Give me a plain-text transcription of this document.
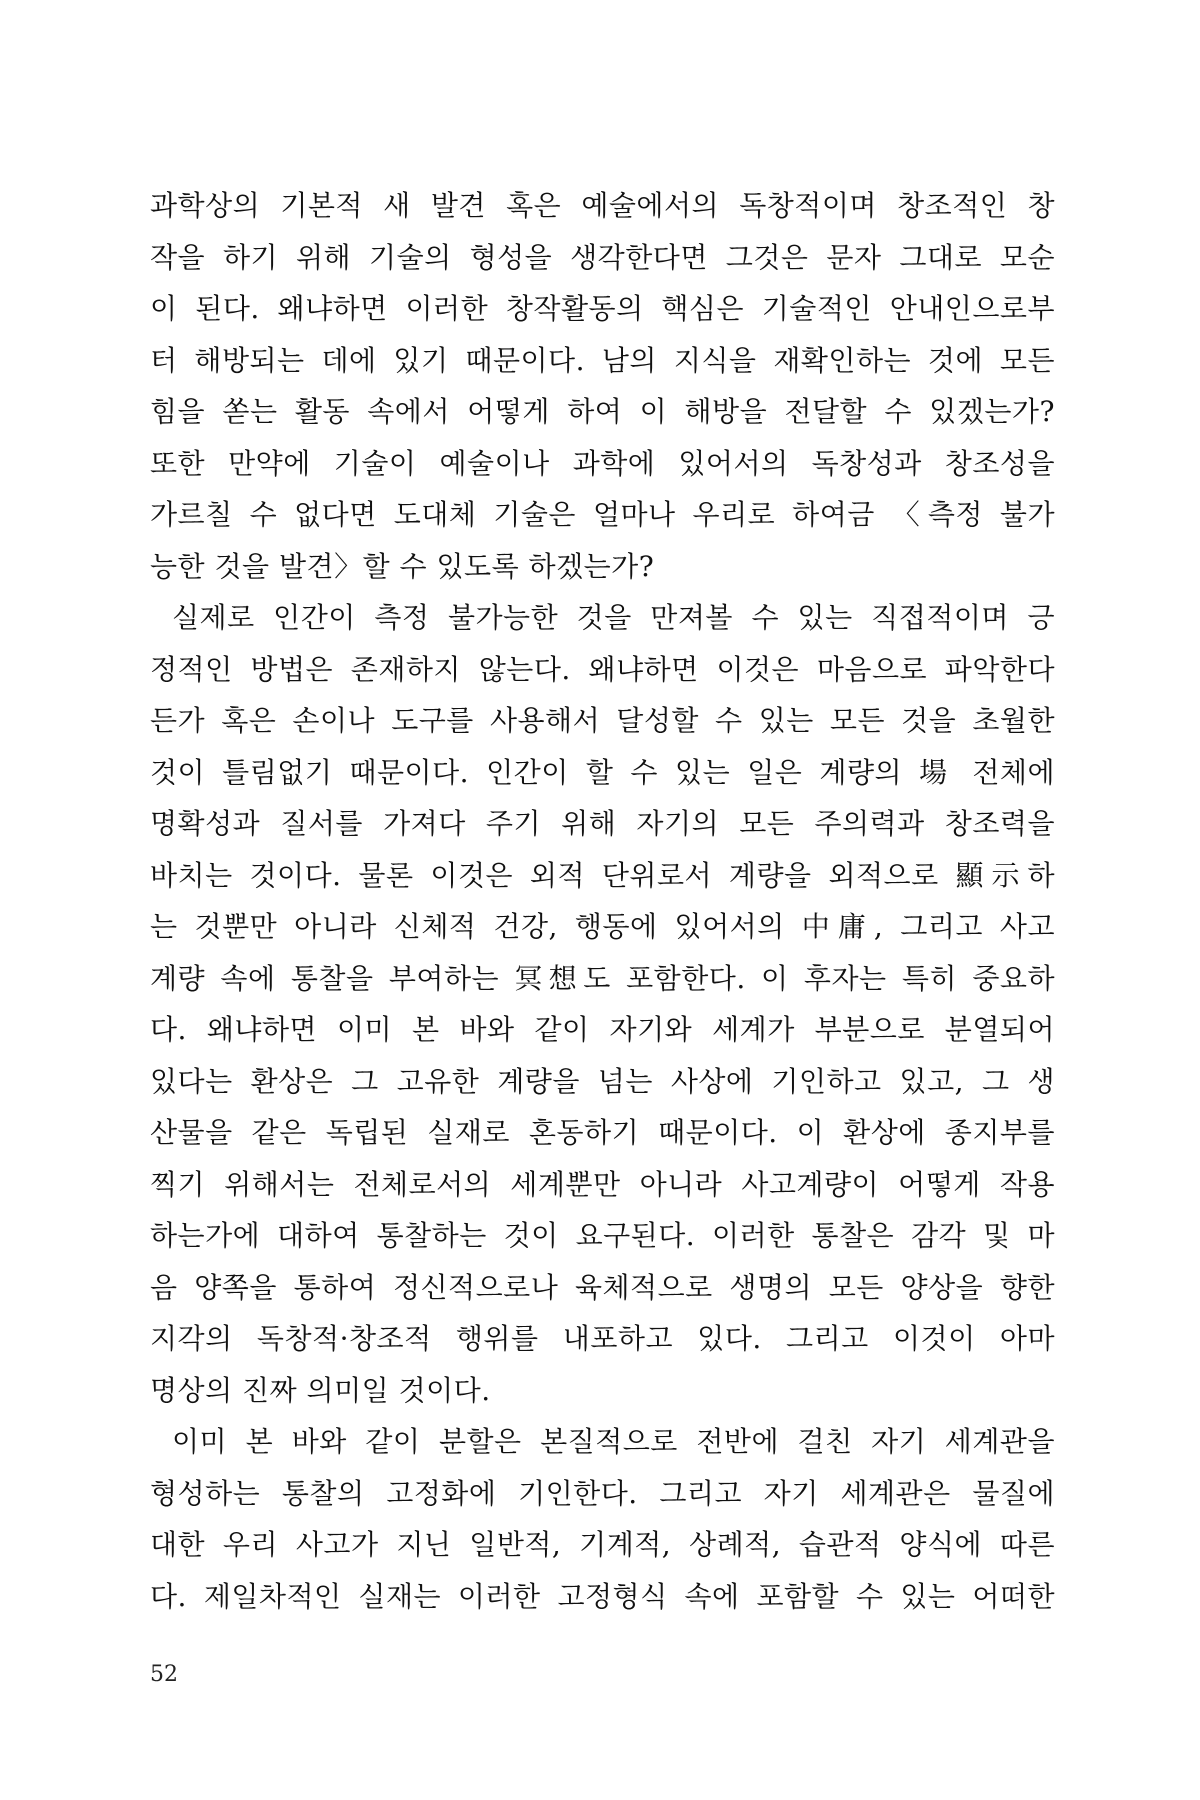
과학상의 기본적 새 발견 혹은 예술에서의 독창적이며 창조적인 창
작을 하기 위해 기술의 형성을 생각한다면 그것은 문자 그대로 모순
이 된다. 왜냐하면 이러한 창작활동의 핵심은 기술적인 안내인으로부
터 해방되는 데에 있기 때문이다. 남의 지식을 재확인하는 것에 모든
힘을 쏟는 활동 속에서 어떻게 하여 이 해방을 전달할 수 있겠는가?
또한 만약에 기술이 예술이나 과학에 있어서의 독창성과 창조성을
가르칠 수 없다면 도대체 기술은 얼마나 우리로 하여금 〈측정 불가
능한 것을 발견〉할 수 있도록 하겠는가?
실제로 인간이 측정 불가능한 것을 만져볼 수 있는 직접적이며 긍
정적인 방법은 존재하지 않는다. 왜냐하면 이것은 마음으로 파악한다
든가 혹은 손이나 도구를 사용해서 달성할 수 있는 모든 것을 초월한
것이 틀림없기 때문이다. 인간이 할 수 있는 일은 계량의 場 전체에
명확성과 질서를 가져다 주기 위해 자기의 모든 주의력과 창조력을
바치는 것이다. 물론 이것은 외적 단위로서 계량을 외적으로 顯示하
는 것뿐만 아니라 신체적 건강, 행동에 있어서의 中庸, 그리고 사고
계량 속에 통찰을 부여하는 冥想도 포함한다. 이 후자는 특히 중요하
다. 왜냐하면 이미 본 바와 같이 자기와 세계가 부분으로 분열되어
있다는 환상은 그 고유한 계량을 넘는 사상에 기인하고 있고, 그 생
산물을 같은 독립된 실재로 혼동하기 때문이다. 이 환상에 종지부를
찍기 위해서는 전체로서의 세계뿐만 아니라 사고계량이 어떻게 작용
하는가에 대하여 통찰하는 것이 요구된다. 이러한 통찰은 감각 및 마
음 양쪽을 통하여 정신적으로나 육체적으로 생명의 모든 양상을 향한
지각의 독창적·창조적 행위를 내포하고 있다. 그리고 이것이 아마
명상의 진짜 의미일 것이다.
이미 본 바와 같이 분할은 본질적으로 전반에 걸친 자기 세계관을
형성하는 통찰의 고정화에 기인한다. 그리고 자기 세계관은 물질에
대한 우리 사고가 지닌 일반적, 기계적, 상례적, 습관적 양식에 따른
다. 제일차적인 실재는 이러한 고정형식 속에 포함할 수 있는 어떠한
52
